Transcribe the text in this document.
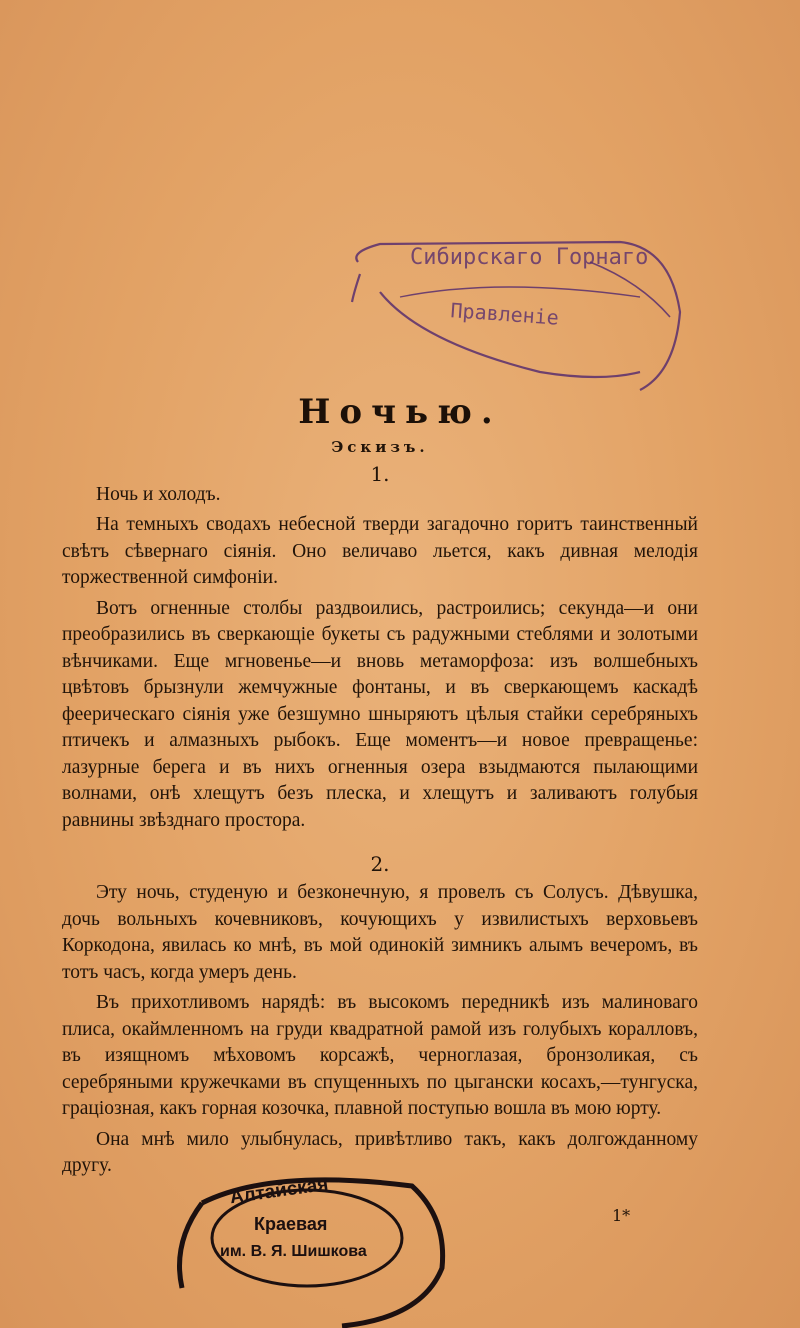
Сибирскаго Горнаго
Правленіе
Ночью.
Эскизъ.
1.
Ночь и холодъ.

На темныхъ сводахъ небесной тверди загадочно горитъ таинственный свѣтъ сѣвернаго сіянія. Оно величаво льется, какъ дивная мелодія торжественной симфоніи.

Вотъ огненные столбы раздвоились, растроились; секунда—и они преобразились въ сверкающіе букеты съ радужными стеблями и золотыми вѣнчиками. Еще мгновенье—и вновь метаморфоза: изъ волшебныхъ цвѣтовъ брызнули жемчужные фонтаны, и въ сверкающемъ каскадѣ феерическаго сіянія уже безшумно шныряютъ цѣлыя стайки серебряныхъ птичекъ и алмазныхъ рыбокъ. Еще моментъ—и новое превращенье: лазурные берега и въ нихъ огненныя озера взыдмаются пылающими волнами, онѣ хлещутъ безъ плеска, и хлещутъ и заливаютъ голубыя равнины звѣзднаго простора.

2.

Эту ночь, студеную и безконечную, я провелъ съ Солусъ. Дѣвушка, дочь вольныхъ кочевниковъ, кочующихъ у извилистыхъ верховьевъ Коркодона, явилась ко мнѣ, въ мой одинокій зимникъ алымъ вечеромъ, въ тотъ часъ, когда умеръ день.

Въ прихотливомъ нарядѣ: въ высокомъ передникѣ изъ малиноваго плиса, окаймленномъ на груди квадратной рамой изъ голубыхъ коралловъ, въ изящномъ мѣховомъ корсажѣ, черноглазая, бронзоликая, съ серебряными кружечками въ спущенныхъ по цыгански косахъ,—тунгуска, граціозная, какъ горная козочка, плавной поступью вошла въ мою юрту.

Она мнѣ мило улыбнулась, привѣтливо такъ, какъ долгожданному другу.

1*
Алтайская
Краевая
им. В. Я. Шишкова
